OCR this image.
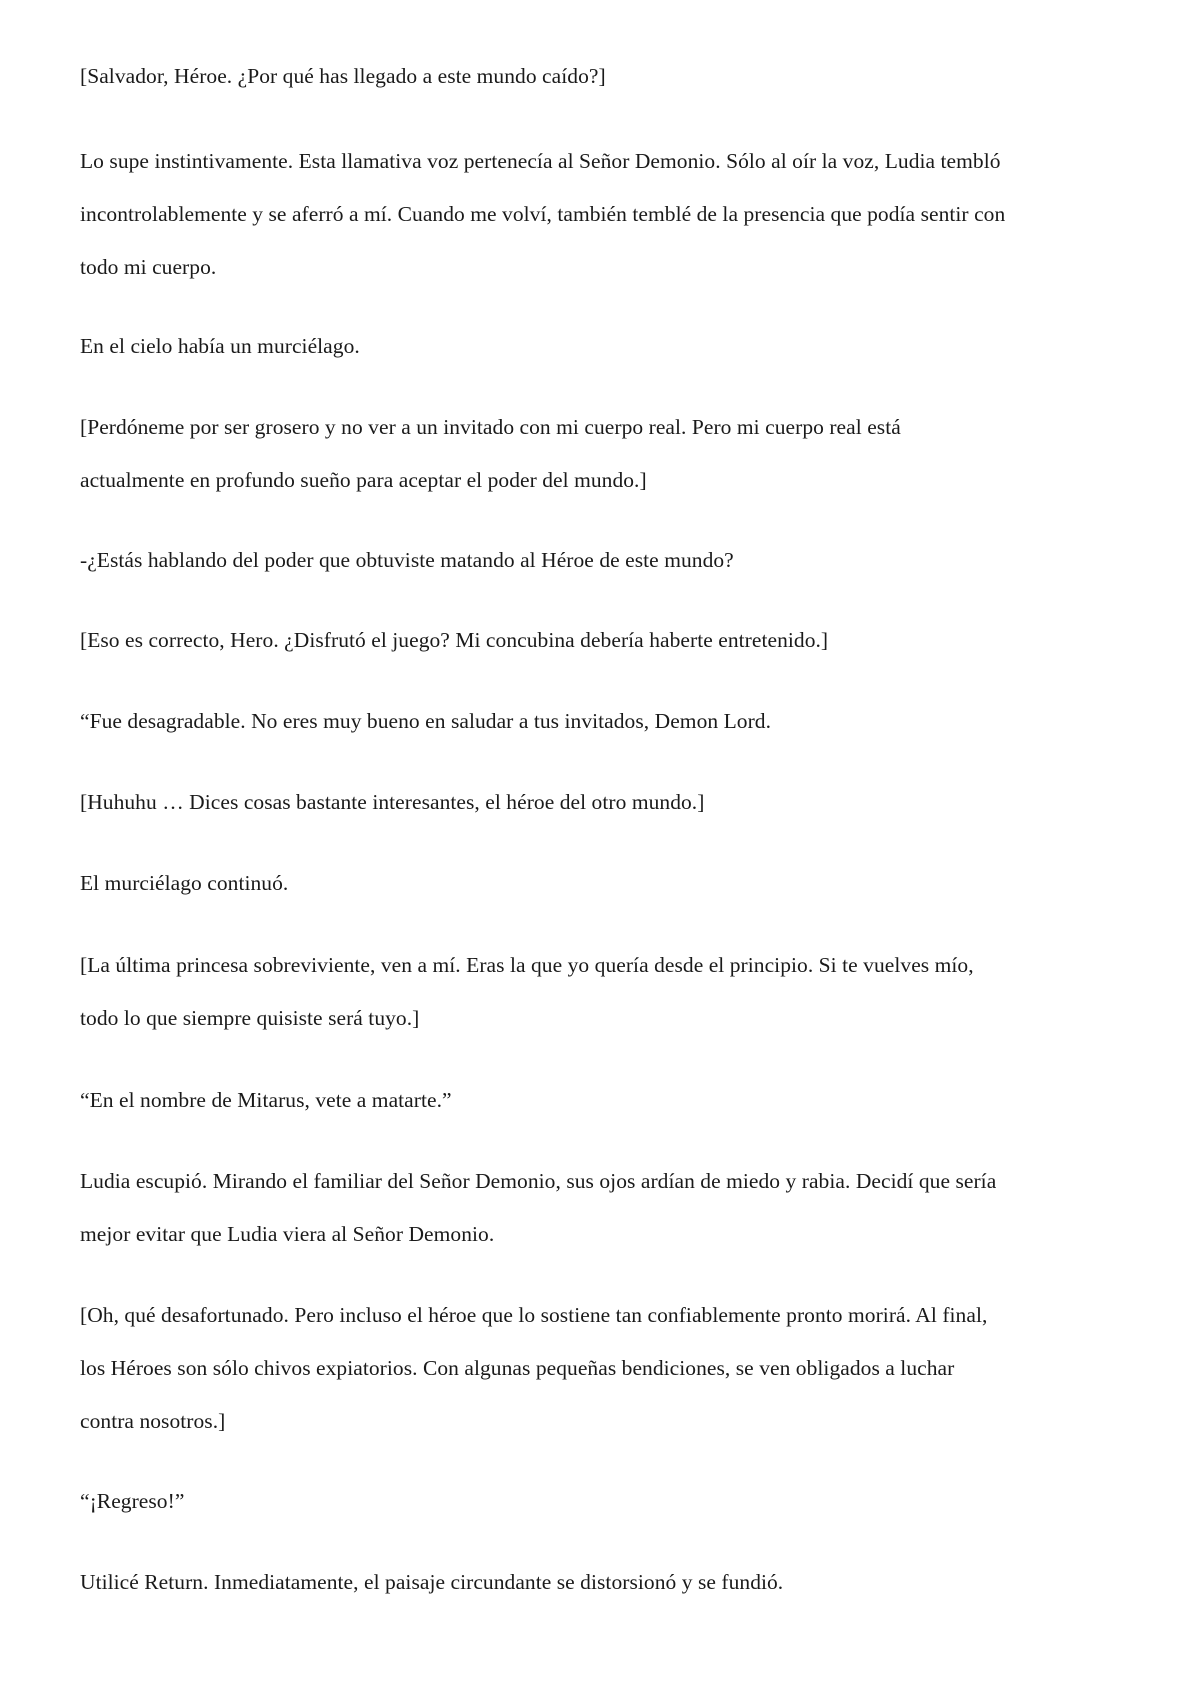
[Salvador, Héroe. ¿Por qué has llegado a este mundo caído?]

Lo supe instintivamente. Esta llamativa voz pertenecía al Señor Demonio. Sólo al oír la voz, Ludia tembló
incontrolablemente y se aferró a mí. Cuando me volví, también temblé de la presencia que podía sentir con
todo mi cuerpo.

En el cielo había un murciélago.

[Perdóneme por ser grosero y no ver a un invitado con mi cuerpo real. Pero mi cuerpo real está
actualmente en profundo sueño para aceptar el poder del mundo.]

-¿Estás hablando del poder que obtuviste matando al Héroe de este mundo?

[Eso es correcto, Hero. ¿Disfrutó el juego? Mi concubina debería haberte entretenido.]

“Fue desagradable. No eres muy bueno en saludar a tus invitados, Demon Lord.

[Huhuhu … Dices cosas bastante interesantes, el héroe del otro mundo.]

El murciélago continuó.

[La última princesa sobreviviente, ven a mí. Eras la que yo quería desde el principio. Si te vuelves mío,
todo lo que siempre quisiste será tuyo.]

“En el nombre de Mitarus, vete a matarte.”

Ludia escupió. Mirando el familiar del Señor Demonio, sus ojos ardían de miedo y rabia. Decidí que sería
mejor evitar que Ludia viera al Señor Demonio.

[Oh, qué desafortunado. Pero incluso el héroe que lo sostiene tan confiablemente pronto morirá. Al final,
los Héroes son sólo chivos expiatorios. Con algunas pequeñas bendiciones, se ven obligados a luchar
contra nosotros.]

“¡Regreso!”

Utilicé Return. Inmediatamente, el paisaje circundante se distorsionó y se fundió.
